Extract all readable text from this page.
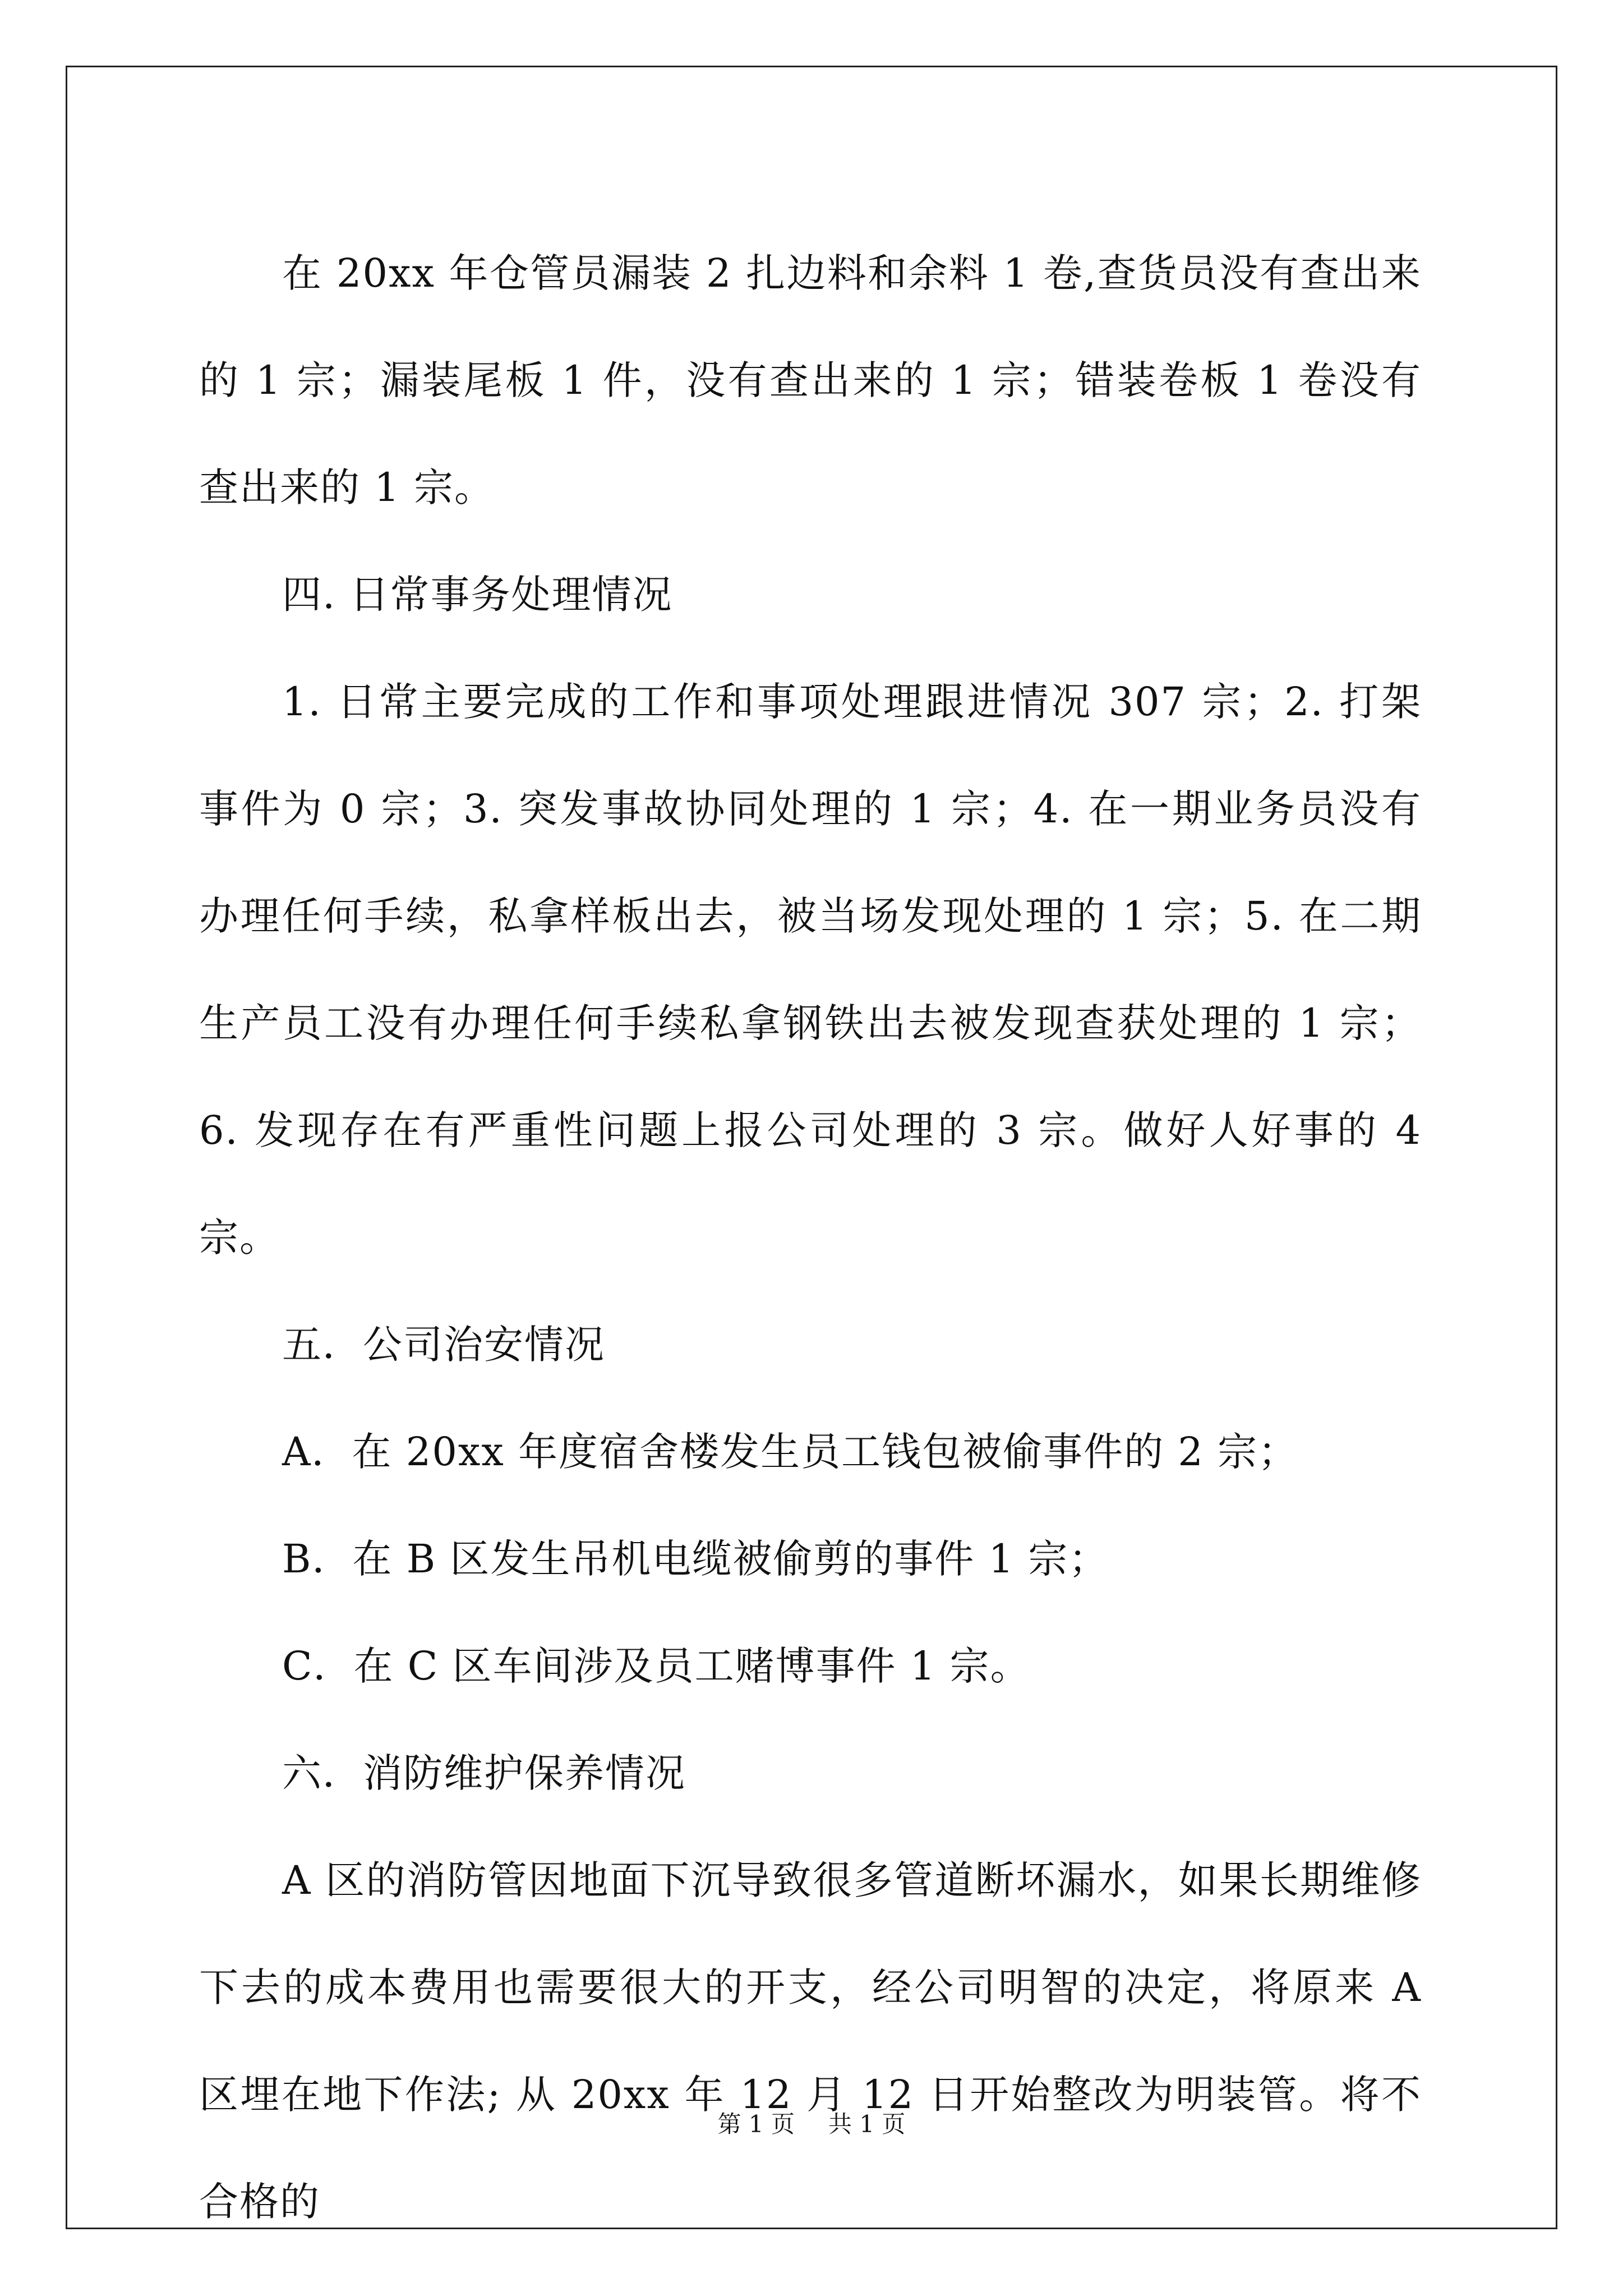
在 20xx 年仓管员漏装 2 扎边料和余料 1 卷,查货员没有查出来的 1 宗；漏装尾板 1 件，没有查出来的 1 宗；错装卷板 1 卷没有查出来的 1 宗。

四. 日常事务处理情况

1. 日常主要完成的工作和事项处理跟进情况 307 宗；2. 打架事件为 0 宗；3. 突发事故协同处理的 1 宗；4. 在一期业务员没有办理任何手续，私拿样板出去，被当场发现处理的 1 宗；5. 在二期生产员工没有办理任何手续私拿钢铁出去被发现查获处理的 1 宗；6. 发现存在有严重性问题上报公司处理的 3 宗。做好人好事的 4 宗。

五．公司治安情况

A．在 20xx 年度宿舍楼发生员工钱包被偷事件的 2 宗；

B．在 B 区发生吊机电缆被偷剪的事件 1 宗；

C．在 C 区车间涉及员工赌博事件 1 宗。

六．消防维护保养情况

A 区的消防管因地面下沉导致很多管道断坏漏水，如果长期维修下去的成本费用也需要很大的开支，经公司明智的决定，将原来 A 区埋在地下作法; 从 20xx 年 12 月 12 日开始整改为明装管。将不合格的

第 1 页 共 1 页
